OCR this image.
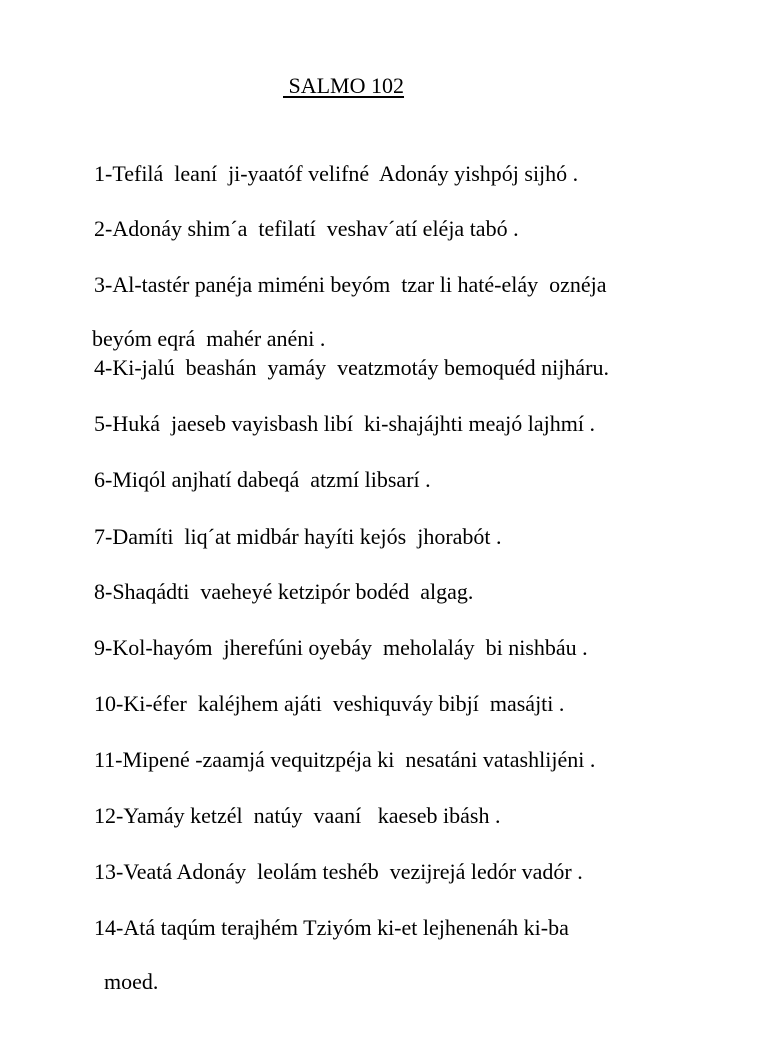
SALMO 102

1-Tefilá  leaní  ji-yaatóf velifné  Adonáy yishpój sijhó .

2-Adonáy shim´a  tefilatí  veshav´atí eléja tabó .

3-Al-tastér panéja miméni beyóm  tzar li haté-eláy  oznéja

beyóm eqrá  mahér anéni .

4-Ki-jalú  beashán  yamáy  veatzmotáy bemoquéd nijháru.

5-Huká  jaeseb vayisbash libí  ki-shajájhti meajó lajhmí .

6-Miqól anjhatí dabeqá  atzmí libsarí .

7-Damíti  liq´at midbár hayíti kejós  jhorabót .

8-Shaqádti  vaeheyé ketzipór bodéd  algag.

9-Kol-hayóm  jherefúni oyebáy  meholaláy  bi nishbáu .

10-Ki-éfer  kaléjhem ajáti  veshiquváy bibjí  masájti .

11-Mipené -zaamjá vequitzpéja ki  nesatáni vatashlijéni .

12-Yamáy ketzél  natúy  vaaní   kaeseb ibásh .

13-Veatá Adonáy  leolám teshéb  vezijrejá ledór vadór .

14-Atá taqúm terajhém Tziyóm ki-et lejhenenáh ki-ba

moed.
